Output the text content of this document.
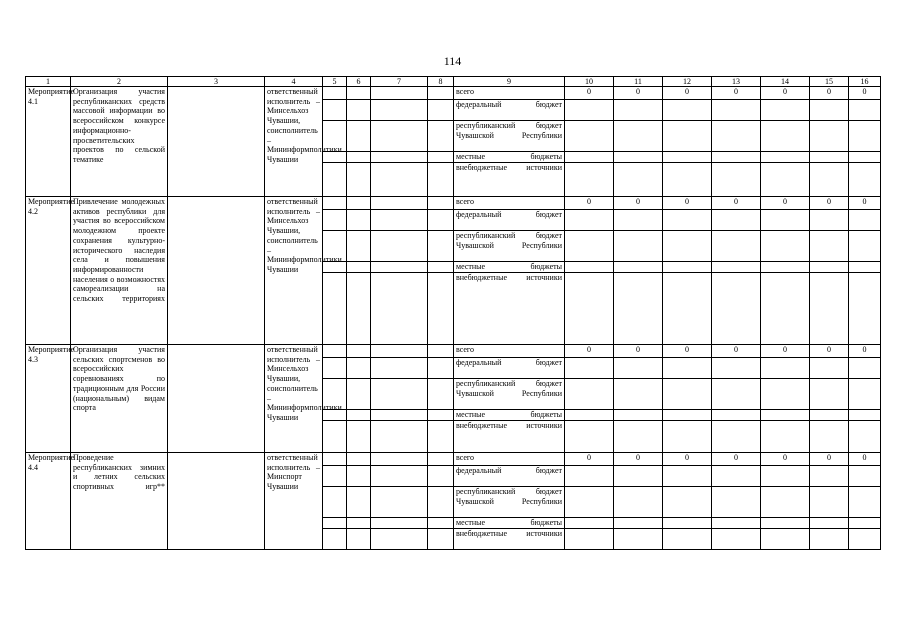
114
1	2	3	4	5	6	7	8	9	10	11	12	13	14	15	16
Мероприятие 4.1	Организация участия республиканских средств массовой информации во всероссийском конкурсе информационно-просветительских проектов по сельской тематике		ответственный исполнитель – Минсельхоз Чувашии, соисполнитель – Мининформполитики Чувашии					всего	0	0	0	0	0	0	0
								федеральный бюджет							
								республиканский бюджет Чувашской Республики							
								местные бюджеты							
								внебюджетные источники							
Мероприятие 4.2	Привлечение молодежных активов республики для участия во всероссийском молодежном проекте сохранения культурно-исторического наследия села и повышения информированности населения о возможностях самореализации на сельских территориях		ответственный исполнитель – Минсельхоз Чувашии, соисполнитель – Мининформполитики Чувашии					всего	0	0	0	0	0	0	0
								федеральный бюджет							
								республиканский бюджет Чувашской Республики							
								местные бюджеты							
								внебюджетные источники							
Мероприятие 4.3	Организация участия сельских спортсменов во всероссийских соревнованиях по традиционным для России (национальным) видам спорта		ответственный исполнитель – Минсельхоз Чувашии, соисполнитель – Мининформполитики Чувашии					всего	0	0	0	0	0	0	0
								федеральный бюджет							
								республиканский бюджет Чувашской Республики							
								местные бюджеты							
								внебюджетные источники							
Мероприятие 4.4	Проведение республиканских зимних и летних сельских спортивных игр**		ответственный исполнитель – Минспорт Чувашии					всего	0	0	0	0	0	0	0
								федеральный бюджет							
								республиканский бюджет Чувашской Республики							
								местные бюджеты							
								внебюджетные источники							
